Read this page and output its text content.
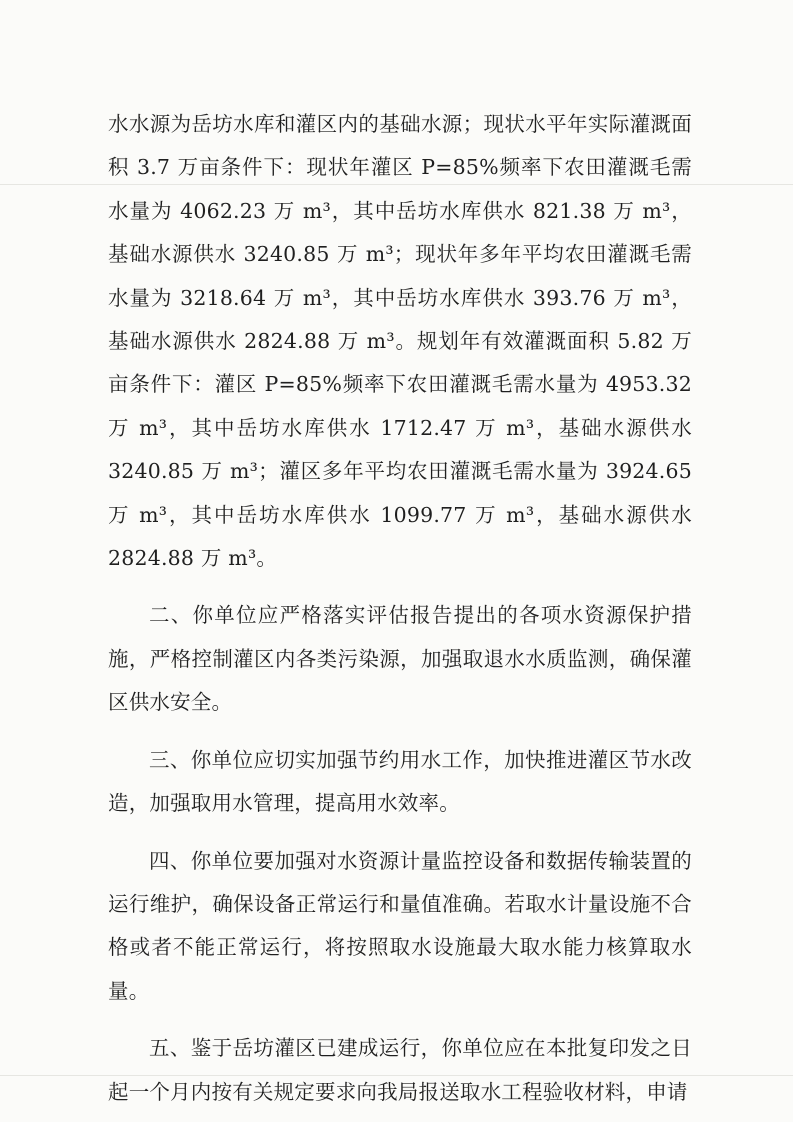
水水源为岳坊水库和灌区内的基础水源；现状水平年实际灌溉面积 3.7 万亩条件下：现状年灌区 P=85%频率下农田灌溉毛需水量为 4062.23 万 m³，其中岳坊水库供水 821.38 万 m³，基础水源供水 3240.85 万 m³；现状年多年平均农田灌溉毛需水量为 3218.64 万 m³，其中岳坊水库供水 393.76 万 m³，基础水源供水 2824.88 万 m³。规划年有效灌溉面积 5.82 万亩条件下：灌区 P=85%频率下农田灌溉毛需水量为 4953.32 万 m³，其中岳坊水库供水 1712.47 万 m³，基础水源供水 3240.85 万 m³；灌区多年平均农田灌溉毛需水量为 3924.65 万 m³，其中岳坊水库供水 1099.77 万 m³，基础水源供水 2824.88 万 m³。

二、你单位应严格落实评估报告提出的各项水资源保护措施，严格控制灌区内各类污染源，加强取退水水质监测，确保灌区供水安全。

三、你单位应切实加强节约用水工作，加快推进灌区节水改造，加强取用水管理，提高用水效率。

四、你单位要加强对水资源计量监控设备和数据传输装置的运行维护，确保设备正常运行和量值准确。若取水计量设施不合格或者不能正常运行，将按照取水设施最大取水能力核算取水量。

五、鉴于岳坊灌区已建成运行，你单位应在本批复印发之日起一个月内按有关规定要求向我局报送取水工程验收材料，申请
